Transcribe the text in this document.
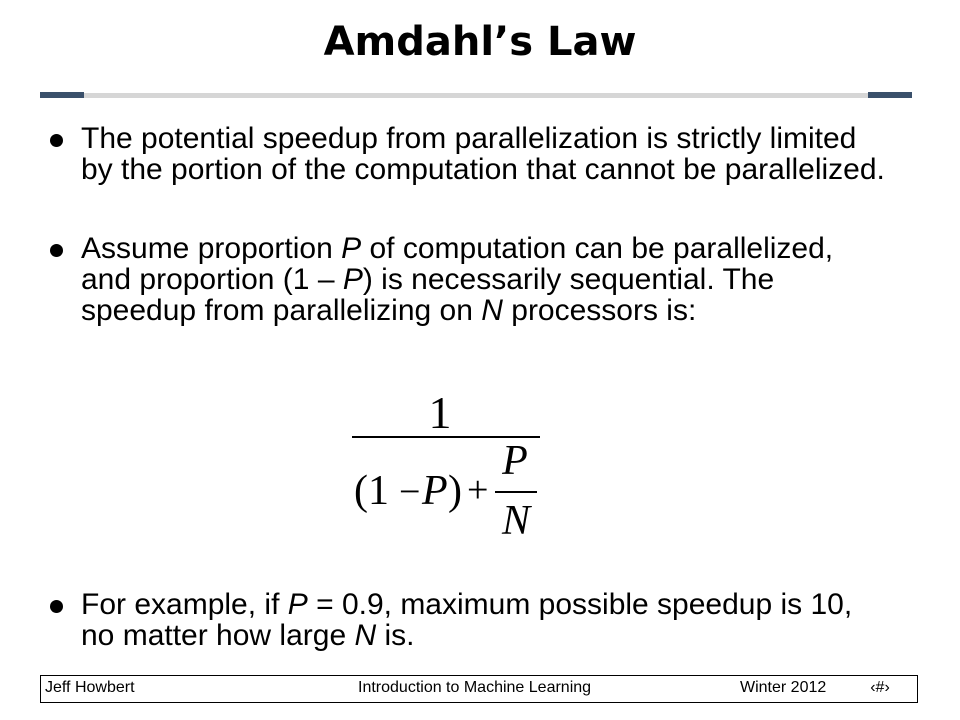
Amdahl’s Law
The potential speedup from parallelization is strictly limited by the portion of the computation that cannot be parallelized.
Assume proportion P of computation can be parallelized, and proportion (1 – P) is necessarily sequential. The speedup from parallelizing on N processors is:
1
(1 − P ) +
P
N
For example, if P = 0.9, maximum possible speedup is 10, no matter how large N is.
Jeff Howbert	Introduction to Machine Learning	Winter 2012	‹#›
